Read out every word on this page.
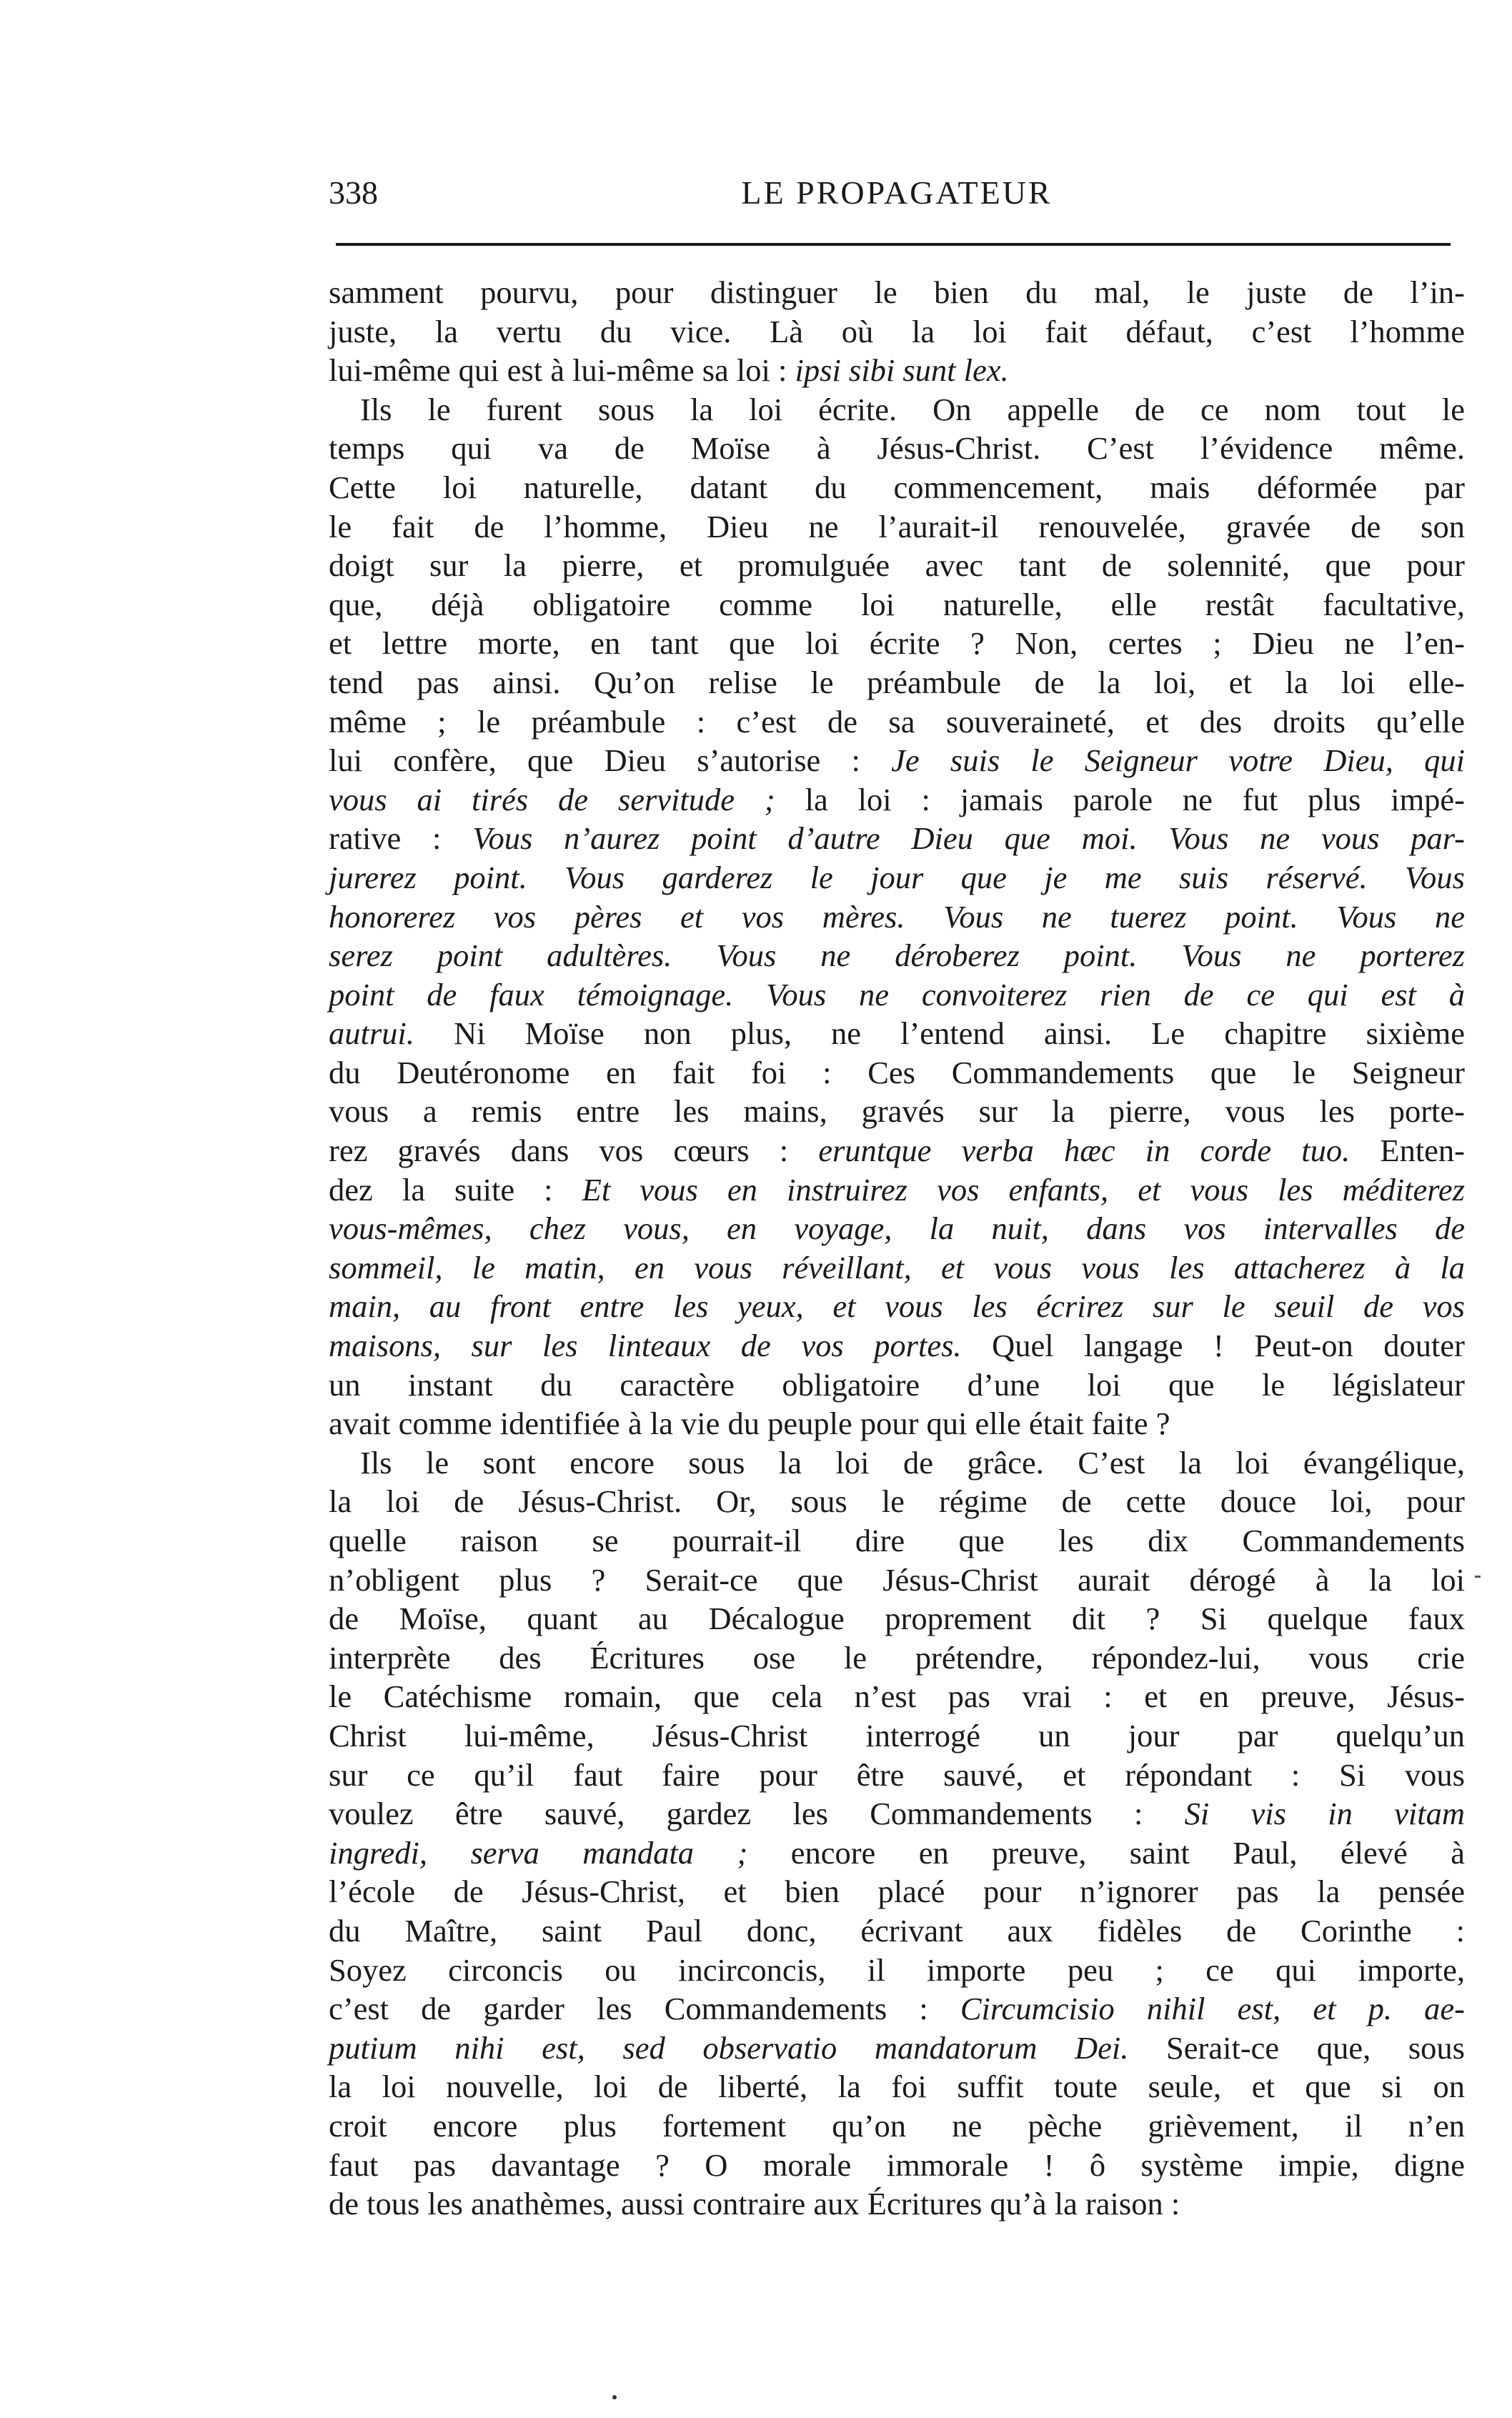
338	LE PROPAGATEUR
samment pourvu, pour distinguer le bien du mal, le juste de l’in-
juste, la vertu du vice. Là où la loi fait défaut, c’est l’homme
lui-même qui est à lui-même sa loi : ipsi sibi sunt lex.
Ils le furent sous la loi écrite. On appelle de ce nom tout le
temps qui va de Moïse à Jésus-Christ. C’est l’évidence même.
Cette loi naturelle, datant du commencement, mais déformée par
le fait de l’homme, Dieu ne l’aurait-il renouvelée, gravée de son
doigt sur la pierre, et promulguée avec tant de solennité, que pour
que, déjà obligatoire comme loi naturelle, elle restât facultative,
et lettre morte, en tant que loi écrite ? Non, certes ; Dieu ne l’en-
tend pas ainsi. Qu’on relise le préambule de la loi, et la loi elle-
même ; le préambule : c’est de sa souveraineté, et des droits qu’elle
lui confère, que Dieu s’autorise : Je suis le Seigneur votre Dieu, qui
vous ai tirés de servitude ; la loi : jamais parole ne fut plus impé-
rative : Vous n’aurez point d’autre Dieu que moi. Vous ne vous par-
jurerez point. Vous garderez le jour que je me suis réservé. Vous
honorerez vos pères et vos mères. Vous ne tuerez point. Vous ne
serez point adultères. Vous ne déroberez point. Vous ne porterez
point de faux témoignage. Vous ne convoiterez rien de ce qui est à
autrui. Ni Moïse non plus, ne l’entend ainsi. Le chapitre sixième
du Deutéronome en fait foi : Ces Commandements que le Seigneur
vous a remis entre les mains, gravés sur la pierre, vous les porte-
rez gravés dans vos cœurs : eruntque verba hæc in corde tuo. Enten-
dez la suite : Et vous en instruirez vos enfants, et vous les méditerez
vous-mêmes, chez vous, en voyage, la nuit, dans vos intervalles de
sommeil, le matin, en vous réveillant, et vous vous les attacherez à la
main, au front entre les yeux, et vous les écrirez sur le seuil de vos
maisons, sur les linteaux de vos portes. Quel langage ! Peut-on douter
un instant du caractère obligatoire d’une loi que le législateur
avait comme identifiée à la vie du peuple pour qui elle était faite ?
Ils le sont encore sous la loi de grâce. C’est la loi évangélique,
la loi de Jésus-Christ. Or, sous le régime de cette douce loi, pour
quelle raison se pourrait-il dire que les dix Commandements
n’obligent plus ? Serait-ce que Jésus-Christ aurait dérogé à la loi
de Moïse, quant au Décalogue proprement dit ? Si quelque faux
interprète des Écritures ose le prétendre, répondez-lui, vous crie
le Catéchisme romain, que cela n’est pas vrai : et en preuve, Jésus-
Christ lui-même, Jésus-Christ interrogé un jour par quelqu’un
sur ce qu’il faut faire pour être sauvé, et répondant : Si vous
voulez être sauvé, gardez les Commandements : Si vis in vitam
ingredi, serva mandata ; encore en preuve, saint Paul, élevé à
l’école de Jésus-Christ, et bien placé pour n’ignorer pas la pensée
du Maître, saint Paul donc, écrivant aux fidèles de Corinthe :
Soyez circoncis ou incirconcis, il importe peu ; ce qui importe,
c’est de garder les Commandements : Circumcisio nihil est, et p. ae-
putium nihi est, sed observatio mandatorum Dei. Serait-ce que, sous
la loi nouvelle, loi de liberté, la foi suffit toute seule, et que si on
croit encore plus fortement qu’on ne pèche grièvement, il n’en
faut pas davantage ? O morale immorale ! ô système impie, digne
de tous les anathèmes, aussi contraire aux Écritures qu’à la raison :
